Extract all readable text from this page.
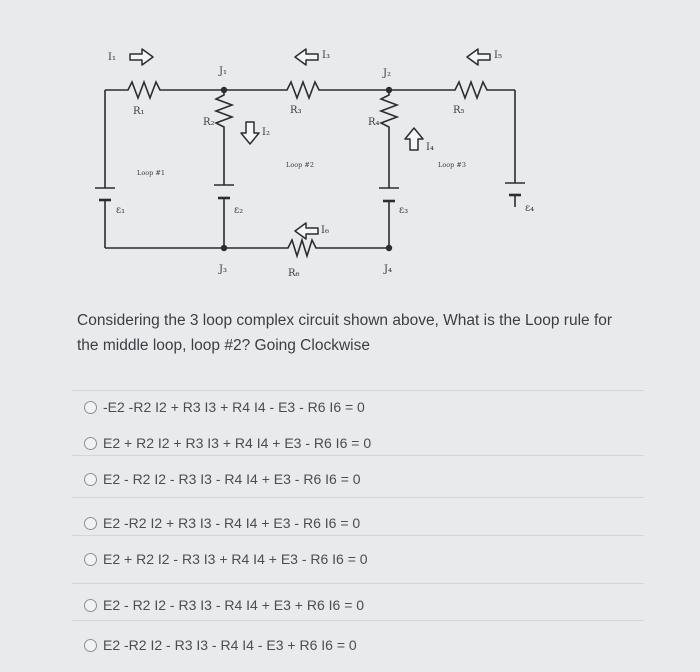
I₁
I₂
I₃
I₄
I₅
I₆
R₁
R₂
R₃
R₄
R₅
R₆
J₁	J₂
J₃	J₄
ε₁	ε₂	ε₃	ε₄
Loop #1
Loop #2	Loop #3
Considering the 3 loop complex circuit shown above, What is the Loop rule for the middle loop, loop #2? Going Clockwise
-E2 -R2 I2 + R3 I3 + R4 I4 - E3 - R6 I6 = 0
E2 + R2 I2 + R3 I3 + R4 I4 + E3 - R6 I6 = 0
E2 - R2 I2 - R3 I3 - R4 I4 + E3 - R6 I6 = 0
E2 -R2 I2 + R3 I3 - R4 I4 + E3 - R6 I6 = 0
E2 + R2 I2 - R3 I3 + R4 I4 + E3 - R6 I6 = 0
E2 - R2 I2 - R3 I3 - R4 I4 + E3 + R6 I6 = 0
E2 -R2 I2 - R3 I3 - R4 I4 - E3 + R6 I6 = 0
